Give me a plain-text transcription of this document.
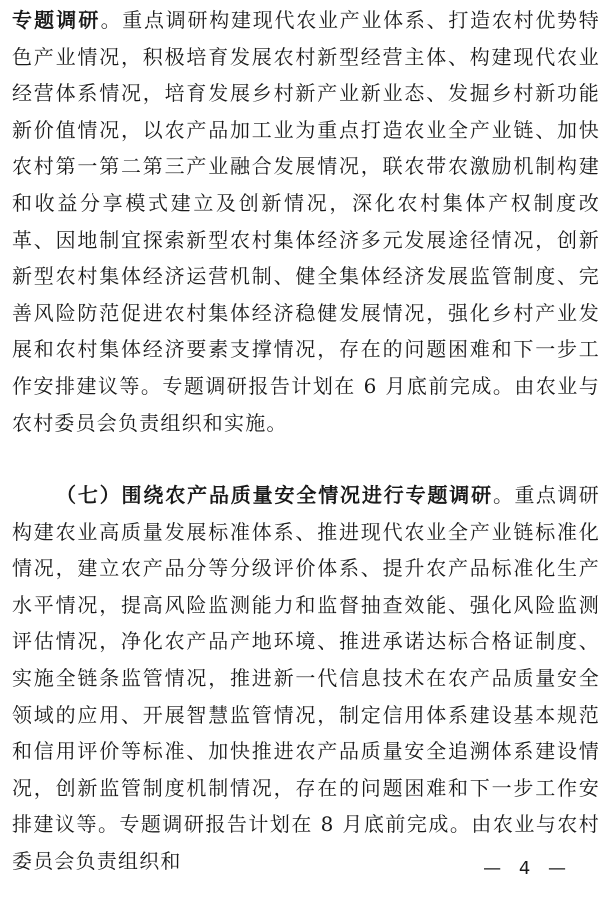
专题调研。重点调研构建现代农业产业体系、打造农村优势特色产业情况，积极培育发展农村新型经营主体、构建现代农业经营体系情况，培育发展乡村新产业新业态、发掘乡村新功能新价值情况，以农产品加工业为重点打造农业全产业链、加快农村第一第二第三产业融合发展情况，联农带农激励机制构建和收益分享模式建立及创新情况，深化农村集体产权制度改革、因地制宜探索新型农村集体经济多元发展途径情况，创新新型农村集体经济运营机制、健全集体经济发展监管制度、完善风险防范促进农村集体经济稳健发展情况，强化乡村产业发展和农村集体经济要素支撑情况，存在的问题困难和下一步工作安排建议等。专题调研报告计划在 6 月底前完成。由农业与农村委员会负责组织和实施。

（七）围绕农产品质量安全情况进行专题调研。重点调研构建农业高质量发展标准体系、推进现代农业全产业链标准化情况，建立农产品分等分级评价体系、提升农产品标准化生产水平情况，提高风险监测能力和监督抽查效能、强化风险监测评估情况，净化农产品产地环境、推进承诺达标合格证制度、实施全链条监管情况，推进新一代信息技术在农产品质量安全领域的应用、开展智慧监管情况，制定信用体系建设基本规范和信用评价等标准、加快推进农产品质量安全追溯体系建设情况，创新监管制度机制情况，存在的问题困难和下一步工作安排建议等。专题调研报告计划在 8 月底前完成。由农业与农村委员会负责组织和	— 4 —
